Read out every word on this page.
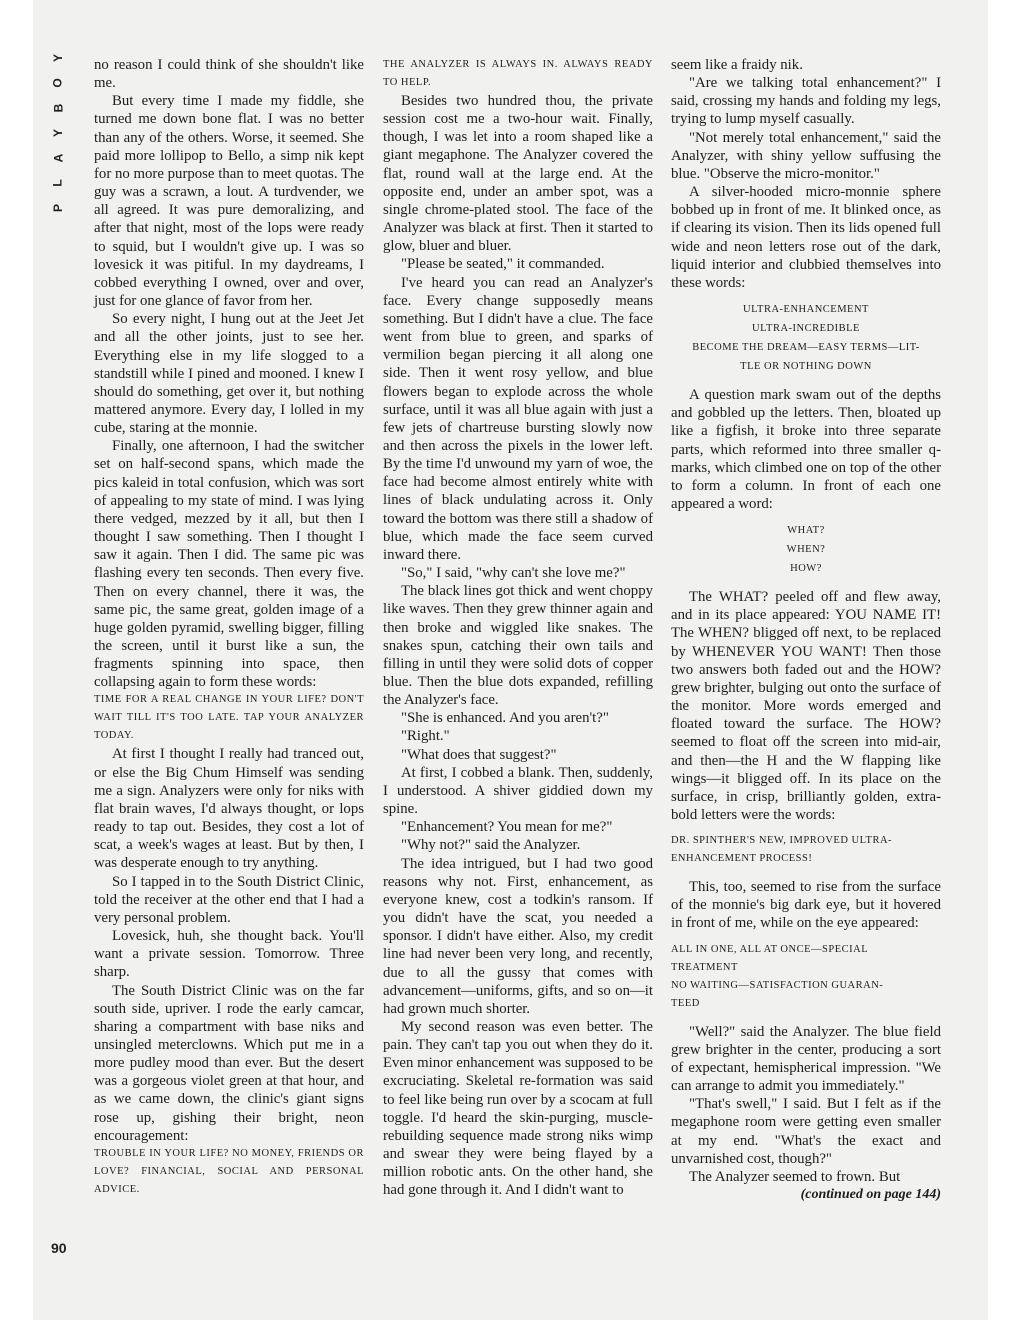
Y
O
B
Y
A
L
P
90

no reason I could think of she shouldn't like me.

But every time I made my fiddle, she turned me down bone flat. I was no better than any of the others. Worse, it seemed. She paid more lollipop to Bello, a simp nik kept for no more purpose than to meet quotas. The guy was a scrawn, a lout. A turdvender, we all agreed. It was pure demoralizing, and after that night, most of the lops were ready to squid, but I wouldn't give up. I was so lovesick it was pitiful. In my daydreams, I cobbed everything I owned, over and over, just for one glance of favor from her.

So every night, I hung out at the Jeet Jet and all the other joints, just to see her. Everything else in my life slogged to a standstill while I pined and mooned. I knew I should do something, get over it, but nothing mattered anymore. Every day, I lolled in my cube, staring at the monnie.

Finally, one afternoon, I had the switcher set on half-second spans, which made the pics kaleid in total confusion, which was sort of appealing to my state of mind. I was lying there vedged, mezzed by it all, but then I thought I saw something. Then I thought I saw it again. Then I did. The same pic was flashing every ten seconds. Then every five. Then on every channel, there it was, the same pic, the same great, golden image of a huge golden pyramid, swelling bigger, filling the screen, until it burst like a sun, the fragments spinning into space, then collapsing again to form these words:

TIME FOR A REAL CHANGE IN YOUR LIFE? DON'T WAIT TILL IT'S TOO LATE. TAP YOUR ANALYZER TODAY.

At first I thought I really had tranced out, or else the Big Chum Himself was sending me a sign. Analyzers were only for niks with flat brain waves, I'd always thought, or lops ready to tap out. Besides, they cost a lot of scat, a week's wages at least. But by then, I was desperate enough to try anything.

So I tapped in to the South District Clinic, told the receiver at the other end that I had a very personal problem.

Lovesick, huh, she thought back. You'll want a private session. Tomorrow. Three sharp.

The South District Clinic was on the far south side, upriver. I rode the early camcar, sharing a compartment with base niks and unsingled meterclowns. Which put me in a more pudley mood than ever. But the desert was a gorgeous violet green at that hour, and as we came down, the clinic's giant signs rose up, gishing their bright, neon encouragement:

TROUBLE IN YOUR LIFE? NO MONEY, FRIENDS OR LOVE? FINANCIAL, SOCIAL AND PERSONAL ADVICE.

THE ANALYZER IS ALWAYS IN. ALWAYS READY TO HELP.

Besides two hundred thou, the private session cost me a two-hour wait. Finally, though, I was let into a room shaped like a giant megaphone. The Analyzer covered the flat, round wall at the large end. At the opposite end, under an amber spot, was a single chrome-plated stool. The face of the Analyzer was black at first. Then it started to glow, bluer and bluer.

"Please be seated," it commanded.

I've heard you can read an Analyzer's face. Every change supposedly means something. But I didn't have a clue. The face went from blue to green, and sparks of vermilion began piercing it all along one side. Then it went rosy yellow, and blue flowers began to explode across the whole surface, until it was all blue again with just a few jets of chartreuse bursting slowly now and then across the pixels in the lower left. By the time I'd unwound my yarn of woe, the face had become almost entirely white with lines of black undulating across it. Only toward the bottom was there still a shadow of blue, which made the face seem curved inward there.

"So," I said, "why can't she love me?"

The black lines got thick and went choppy like waves. Then they grew thinner again and then broke and wiggled like snakes. The snakes spun, catching their own tails and filling in until they were solid dots of copper blue. Then the blue dots expanded, refilling the Analyzer's face.

"She is enhanced. And you aren't?"

"Right."

"What does that suggest?"

At first, I cobbed a blank. Then, suddenly, I understood. A shiver giddied down my spine.

"Enhancement? You mean for me?"

"Why not?" said the Analyzer.

The idea intrigued, but I had two good reasons why not. First, enhancement, as everyone knew, cost a todkin's ransom. If you didn't have the scat, you needed a sponsor. I didn't have either. Also, my credit line had never been very long, and recently, due to all the gussy that comes with advancement—uniforms, gifts, and so on—it had grown much shorter.

My second reason was even better. The pain. They can't tap you out when they do it. Even minor enhancement was supposed to be excruciating. Skeletal re-formation was said to feel like being run over by a scocam at full toggle. I'd heard the skin-purging, muscle-rebuilding sequence made strong niks wimp and swear they were being flayed by a million robotic ants. On the other hand, she had gone through it. And I didn't want to

seem like a fraidy nik.

"Are we talking total enhancement?" I said, crossing my hands and folding my legs, trying to lump myself casually.

"Not merely total enhancement," said the Analyzer, with shiny yellow suffusing the blue. "Observe the micro-monitor."

A silver-hooded micro-monnie sphere bobbed up in front of me. It blinked once, as if clearing its vision. Then its lids opened full wide and neon letters rose out of the dark, liquid interior and clubbied themselves into these words:

ULTRA-ENHANCEMENT
ULTRA-INCREDIBLE
BECOME THE DREAM—EASY TERMS—LIT-
TLE OR NOTHING DOWN

A question mark swam out of the depths and gobbled up the letters. Then, bloated up like a figfish, it broke into three separate parts, which reformed into three smaller q-marks, which climbed one on top of the other to form a column. In front of each one appeared a word:

WHAT?
WHEN?
HOW?

The WHAT? peeled off and flew away, and in its place appeared: YOU NAME IT! The WHEN? bligged off next, to be replaced by WHENEVER YOU WANT! Then those two answers both faded out and the HOW? grew brighter, bulging out onto the surface of the monitor. More words emerged and floated toward the surface. The HOW? seemed to float off the screen into mid-air, and then—the H and the W flapping like wings—it bligged off. In its place on the surface, in crisp, brilliantly golden, extra-bold letters were the words:

DR. SPINTHER'S NEW, IMPROVED ULTRA-
ENHANCEMENT PROCESS!

This, too, seemed to rise from the surface of the monnie's big dark eye, but it hovered in front of me, while on the eye appeared:

ALL IN ONE, ALL AT ONCE—SPECIAL
TREATMENT
NO WAITING—SATISFACTION GUARAN-
TEED

"Well?" said the Analyzer. The blue field grew brighter in the center, producing a sort of expectant, hemispherical impression. "We can arrange to admit you immediately."

"That's swell," I said. But I felt as if the megaphone room were getting even smaller at my end. "What's the exact and unvarnished cost, though?"

The Analyzer seemed to frown. But

(continued on page 144)
